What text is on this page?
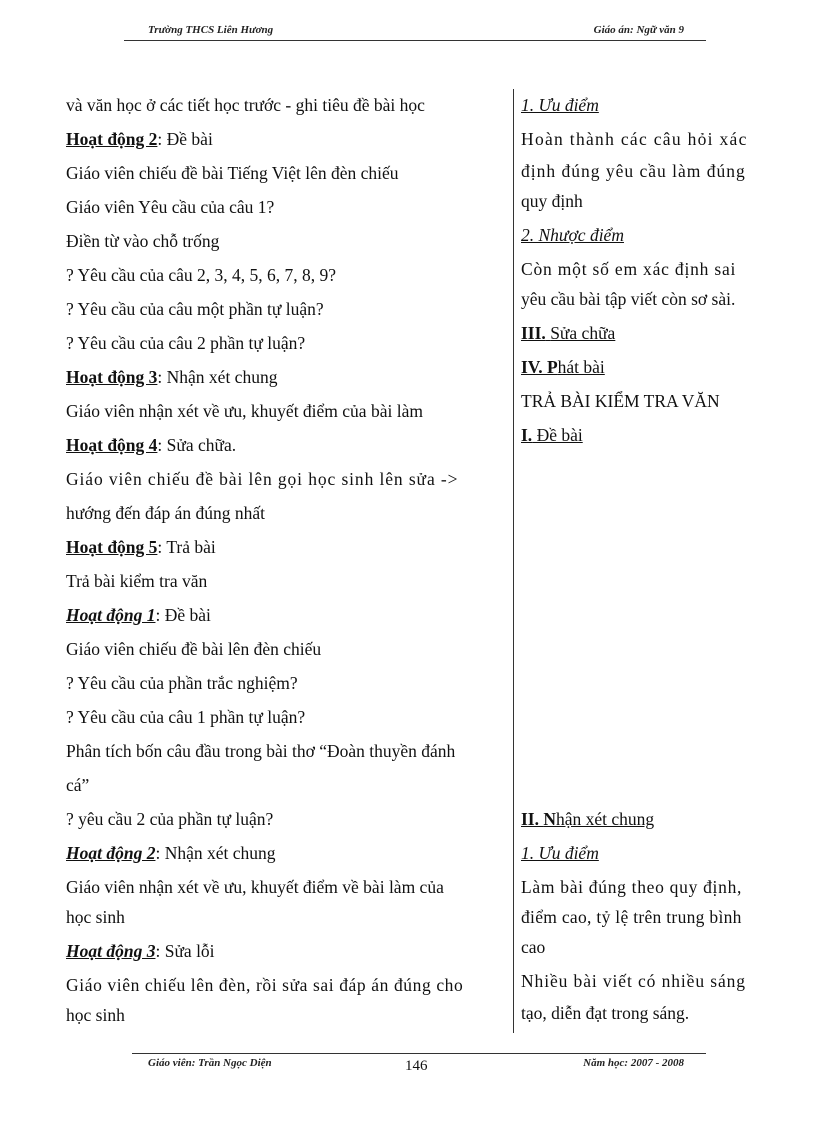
Trường THCS Liên Hương	Giáo án: Ngữ văn 9
và văn học ở các tiết học trước - ghi tiêu đề bài học
Hoạt động 2: Đề bài
Giáo viên chiếu đề bài Tiếng Việt lên đèn chiếu
Giáo viên Yêu cầu của câu 1?
Điền từ vào chỗ trống
? Yêu cầu của câu 2, 3, 4, 5, 6, 7, 8, 9?
? Yêu cầu của câu một phần tự luận?
? Yêu cầu của câu 2 phần tự luận?
Hoạt động 3: Nhận xét chung
Giáo viên nhận xét về ưu, khuyết điểm của bài làm
Hoạt động 4: Sửa chữa.
Giáo viên chiếu đề bài lên gọi học sinh lên sửa ->
hướng đến đáp án đúng nhất
Hoạt động 5: Trả bài
Trả bài kiểm tra văn
Hoạt động 1: Đề bài
Giáo viên chiếu đề bài lên đèn chiếu
? Yêu cầu của phần trắc nghiệm?
? Yêu cầu của câu 1 phần tự luận?
Phân tích bốn câu đầu trong bài thơ “Đoàn thuyền đánh
cá”
? yêu cầu 2 của phần tự luận?
Hoạt động 2: Nhận xét chung
Giáo viên nhận xét về ưu, khuyết điểm về bài làm của
học sinh
Hoạt động 3: Sửa lỗi
Giáo viên chiếu lên đèn, rồi sửa sai đáp án đúng cho
học sinh
1. Ưu điểm
Hoàn thành các câu hỏi xác
định đúng yêu cầu làm đúng
quy định
2. Nhược điểm
Còn một số em xác định sai
yêu cầu bài tập viết còn sơ sài.
III. Sửa chữa
IV. Phát bài
TRẢ BÀI KIỂM TRA VĂN
I. Đề bài
II. Nhận xét chung
1. Ưu điểm
Làm bài đúng theo quy định,
điểm cao, tỷ lệ trên trung bình
cao
Nhiều bài viết có nhiều sáng
tạo, diễn đạt trong sáng.
Giáo viên: Trần Ngọc Diện	146	Năm học: 2007 - 2008
